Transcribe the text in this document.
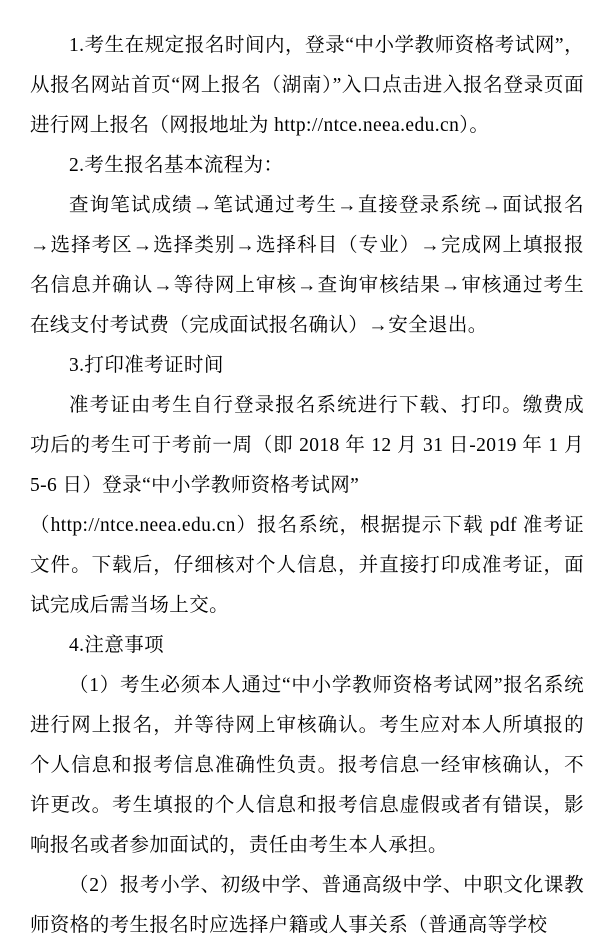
1.考生在规定报名时间内，登录“中小学教师资格考试网”，从报名网站首页“网上报名（湖南）”入口点击进入报名登录页面进行网上报名（网报地址为 http://ntce.neea.edu.cn）。

2.考生报名基本流程为：

查询笔试成绩→笔试通过考生→直接登录系统→面试报名→选择考区→选择类别→选择科目（专业）→完成网上填报报名信息并确认→等待网上审核→查询审核结果→审核通过考生在线支付考试费（完成面试报名确认）→安全退出。

3.打印准考证时间

准考证由考生自行登录报名系统进行下载、打印。缴费成功后的考生可于考前一周（即 2018 年 12 月 31 日-2019 年 1 月 5-6 日）登录“中小学教师资格考试网”

（http://ntce.neea.edu.cn）报名系统，根据提示下载 pdf 准考证文件。下载后，仔细核对个人信息，并直接打印成准考证，面试完成后需当场上交。

4.注意事项

（1）考生必须本人通过“中小学教师资格考试网”报名系统进行网上报名，并等待网上审核确认。考生应对本人所填报的个人信息和报考信息准确性负责。报考信息一经审核确认，不许更改。考生填报的个人信息和报考信息虚假或者有错误，影响报名或者参加面试的，责任由考生本人承担。

（2）报考小学、初级中学、普通高级中学、中职文化课教师资格的考生报名时应选择户籍或人事关系（普通高等学校
